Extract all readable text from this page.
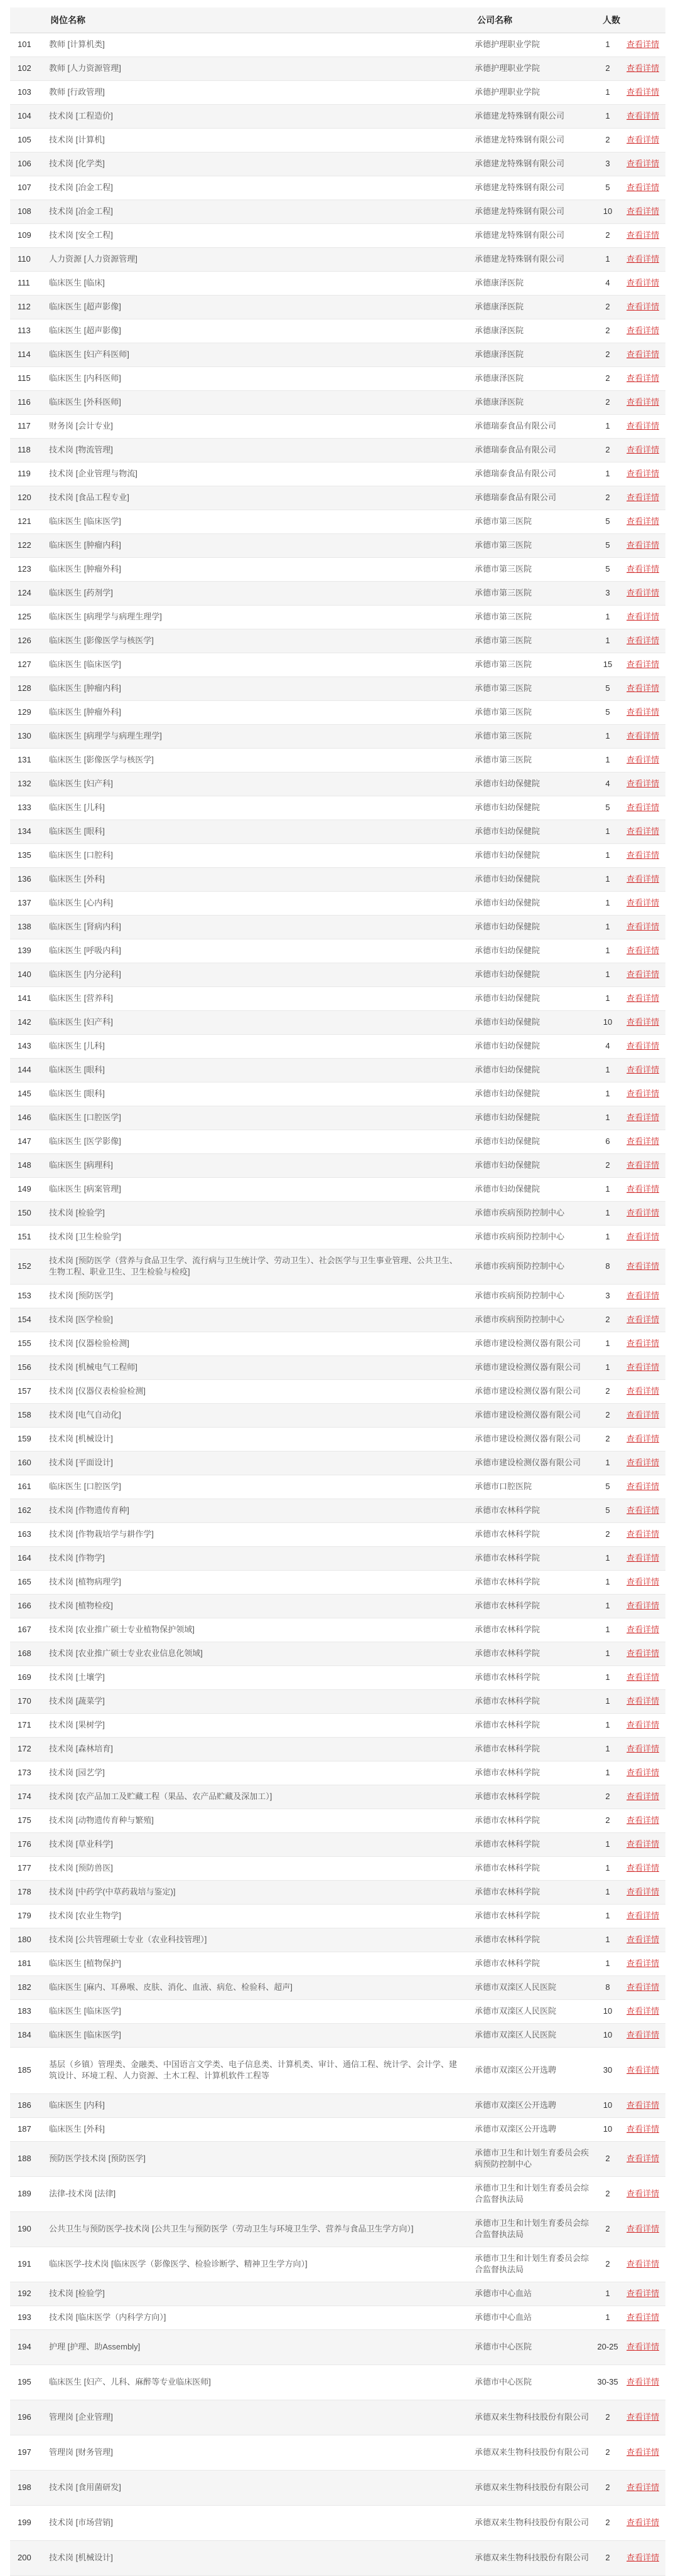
	岗位名称	公司名称	人数	
101	教师 [计算机类]	承德护理职业学院	1	查看详情
102	教师 [人力资源管理]	承德护理职业学院	2	查看详情
103	教师 [行政管理]	承德护理职业学院	1	查看详情
104	技术岗 [工程造价]	承德建龙特殊钢有限公司	1	查看详情
105	技术岗 [计算机]	承德建龙特殊钢有限公司	2	查看详情
106	技术岗 [化学类]	承德建龙特殊钢有限公司	3	查看详情
107	技术岗 [冶金工程]	承德建龙特殊钢有限公司	5	查看详情
108	技术岗 [冶金工程]	承德建龙特殊钢有限公司	10	查看详情
109	技术岗 [安全工程]	承德建龙特殊钢有限公司	2	查看详情
110	人力资源 [人力资源管理]	承德建龙特殊钢有限公司	1	查看详情
111	临床医生 [临床]	承德康泽医院	4	查看详情
112	临床医生 [超声影像]	承德康泽医院	2	查看详情
113	临床医生 [超声影像]	承德康泽医院	2	查看详情
114	临床医生 [妇产科医师]	承德康泽医院	2	查看详情
115	临床医生 [内科医师]	承德康泽医院	2	查看详情
116	临床医生 [外科医师]	承德康泽医院	2	查看详情
117	财务岗 [会计专业]	承德瑞泰食品有限公司	1	查看详情
118	技术岗 [物流管理]	承德瑞泰食品有限公司	2	查看详情
119	技术岗 [企业管理与物流]	承德瑞泰食品有限公司	1	查看详情
120	技术岗 [食品工程专业]	承德瑞泰食品有限公司	2	查看详情
121	临床医生 [临床医学]	承德市第三医院	5	查看详情
122	临床医生 [肿瘤内科]	承德市第三医院	5	查看详情
123	临床医生 [肿瘤外科]	承德市第三医院	5	查看详情
124	临床医生 [药剂学]	承德市第三医院	3	查看详情
125	临床医生 [病理学与病理生理学]	承德市第三医院	1	查看详情
126	临床医生 [影像医学与核医学]	承德市第三医院	1	查看详情
127	临床医生 [临床医学]	承德市第三医院	15	查看详情
128	临床医生 [肿瘤内科]	承德市第三医院	5	查看详情
129	临床医生 [肿瘤外科]	承德市第三医院	5	查看详情
130	临床医生 [病理学与病理生理学]	承德市第三医院	1	查看详情
131	临床医生 [影像医学与核医学]	承德市第三医院	1	查看详情
132	临床医生 [妇产科]	承德市妇幼保健院	4	查看详情
133	临床医生 [儿科]	承德市妇幼保健院	5	查看详情
134	临床医生 [眼科]	承德市妇幼保健院	1	查看详情
135	临床医生 [口腔科]	承德市妇幼保健院	1	查看详情
136	临床医生 [外科]	承德市妇幼保健院	1	查看详情
137	临床医生 [心内科]	承德市妇幼保健院	1	查看详情
138	临床医生 [肾病内科]	承德市妇幼保健院	1	查看详情
139	临床医生 [呼吸内科]	承德市妇幼保健院	1	查看详情
140	临床医生 [内分泌科]	承德市妇幼保健院	1	查看详情
141	临床医生 [营养科]	承德市妇幼保健院	1	查看详情
142	临床医生 [妇产科]	承德市妇幼保健院	10	查看详情
143	临床医生 [儿科]	承德市妇幼保健院	4	查看详情
144	临床医生 [眼科]	承德市妇幼保健院	1	查看详情
145	临床医生 [眼科]	承德市妇幼保健院	1	查看详情
146	临床医生 [口腔医学]	承德市妇幼保健院	1	查看详情
147	临床医生 [医学影像]	承德市妇幼保健院	6	查看详情
148	临床医生 [病理科]	承德市妇幼保健院	2	查看详情
149	临床医生 [病案管理]	承德市妇幼保健院	1	查看详情
150	技术岗 [检验学]	承德市疾病预防控制中心	1	查看详情
151	技术岗 [卫生检验学]	承德市疾病预防控制中心	1	查看详情
152	技术岗 [预防医学（营养与食品卫生学、流行病与卫生统计学、劳动卫生）、社会医学与卫生事业管理、公共卫生、生物工程、职业卫生、卫生检验与检疫]	承德市疾病预防控制中心	8	查看详情
153	技术岗 [预防医学]	承德市疾病预防控制中心	3	查看详情
154	技术岗 [医学检验]	承德市疾病预防控制中心	2	查看详情
155	技术岗 [仪器检验检测]	承德市建设检测仪器有限公司	1	查看详情
156	技术岗 [机械电气工程师]	承德市建设检测仪器有限公司	1	查看详情
157	技术岗 [仪器仪表检验检测]	承德市建设检测仪器有限公司	2	查看详情
158	技术岗 [电气自动化]	承德市建设检测仪器有限公司	2	查看详情
159	技术岗 [机械设计]	承德市建设检测仪器有限公司	2	查看详情
160	技术岗 [平面设计]	承德市建设检测仪器有限公司	1	查看详情
161	临床医生 [口腔医学]	承德市口腔医院	5	查看详情
162	技术岗 [作物遗传育种]	承德市农林科学院	5	查看详情
163	技术岗 [作物栽培学与耕作学]	承德市农林科学院	2	查看详情
164	技术岗 [作物学]	承德市农林科学院	1	查看详情
165	技术岗 [植物病理学]	承德市农林科学院	1	查看详情
166	技术岗 [植物检疫]	承德市农林科学院	1	查看详情
167	技术岗 [农业推广硕士专业植物保护领域]	承德市农林科学院	1	查看详情
168	技术岗 [农业推广硕士专业农业信息化领域]	承德市农林科学院	1	查看详情
169	技术岗 [土壤学]	承德市农林科学院	1	查看详情
170	技术岗 [蔬菜学]	承德市农林科学院	1	查看详情
171	技术岗 [果树学]	承德市农林科学院	1	查看详情
172	技术岗 [森林培育]	承德市农林科学院	1	查看详情
173	技术岗 [园艺学]	承德市农林科学院	1	查看详情
174	技术岗 [农产品加工及贮藏工程（果品、农产品贮藏及深加工）]	承德市农林科学院	2	查看详情
175	技术岗 [动物遗传育种与繁殖]	承德市农林科学院	2	查看详情
176	技术岗 [草业科学]	承德市农林科学院	1	查看详情
177	技术岗 [预防兽医]	承德市农林科学院	1	查看详情
178	技术岗 [中药学(中草药栽培与鉴定)]	承德市农林科学院	1	查看详情
179	技术岗 [农业生物学]	承德市农林科学院	1	查看详情
180	技术岗 [公共管理硕士专业（农业科技管理）]	承德市农林科学院	1	查看详情
181	临床医生 [植物保护]	承德市农林科学院	1	查看详情
182	临床医生 [麻内、耳鼻喉、皮肤、消化、血液、病危、检验科、超声]	承德市双滦区人民医院	8	查看详情
183	临床医生 [临床医学]	承德市双滦区人民医院	10	查看详情
184	临床医生 [临床医学]	承德市双滦区人民医院	10	查看详情
185	基层（乡镇）管理类、金融类、中国语言文学类、电子信息类、计算机类、审计、通信工程、统计学、会计学、建筑设计、环境工程、人力资源、土木工程、计算机软件工程等	承德市双滦区公开选聘	30	查看详情
186	临床医生 [内科]	承德市双滦区公开选聘	10	查看详情
187	临床医生 [外科]	承德市双滦区公开选聘	10	查看详情
188	预防医学技术岗 [预防医学]	承德市卫生和计划生育委员会疾病预防控制中心	2	查看详情
189	法律-技术岗 [法律]	承德市卫生和计划生育委员会综合监督执法局	2	查看详情
190	公共卫生与预防医学-技术岗 [公共卫生与预防医学（劳动卫生与环境卫生学、营养与食品卫生学方向）]	承德市卫生和计划生育委员会综合监督执法局	2	查看详情
191	临床医学-技术岗 [临床医学（影像医学、检验诊断学、精神卫生学方向）]	承德市卫生和计划生育委员会综合监督执法局	2	查看详情
192	技术岗 [检验学]	承德市中心血站	1	查看详情
193	技术岗 [临床医学（内科学方向）]	承德市中心血站	1	查看详情
194	护理 [护理、助Assembly]	承德市中心医院	20-25	查看详情
195	临床医生 [妇产、儿科、麻醉等专业临床医师]	承德市中心医院	30-35	查看详情
196	管理岗 [企业管理]	承德双来生物科技股份有限公司	2	查看详情
197	管理岗 [财务管理]	承德双来生物科技股份有限公司	2	查看详情
198	技术岗 [食用菌研发]	承德双来生物科技股份有限公司	2	查看详情
199	技术岗 [市场营销]	承德双来生物科技股份有限公司	2	查看详情
200	技术岗 [机械设计]	承德双来生物科技股份有限公司	2	查看详情
